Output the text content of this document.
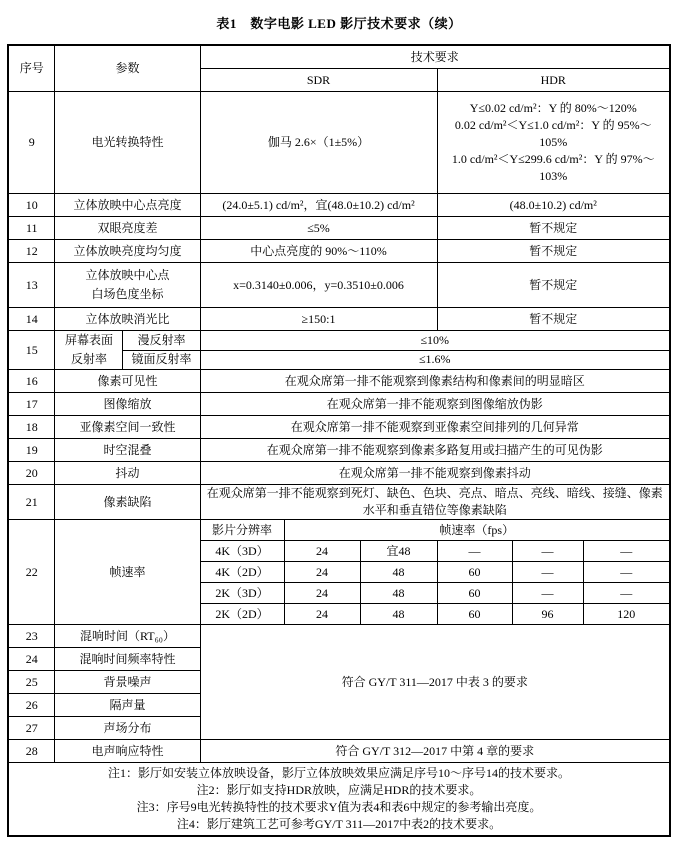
表1　数字电影 LED 影厅技术要求（续）
序号	参数		技术要求					
			SDR			HDR		
9	电光转换特性		伽马 2.6×（1±5%）			Y≤0.02 cd/m²：Y 的 80%～120%
0.02 cd/m²＜Y≤1.0 cd/m²：Y 的 95%～
105%
1.0 cd/m²＜Y≤299.6 cd/m²：Y 的 97%～
103%		

10	立体放映中心点亮度		(24.0±5.1) cd/m²，宜(48.0±10.2) cd/m²			(48.0±10.2) cd/m²		
11	双眼亮度差		≤5%			暂不规定		
12	立体放映亮度均匀度		中心点亮度的 90%～110%			暂不规定		
13	立体放映中心点
白场色度坐标		x=0.3140±0.006，y=0.3510±0.006			暂不规定		
14	立体放映消光比		≥150:1			暂不规定		
15	屏幕表面
反射率	漫反射率	≤10%					
		镜面反射率	≤1.6%					
16	像素可见性		在观众席第一排不能观察到像素结构和像素间的明显暗区					
17	图像缩放		在观众席第一排不能观察到图像缩放伪影					
18	亚像素空间一致性		在观众席第一排不能观察到亚像素空间排列的几何异常					
19	时空混叠		在观众席第一排不能观察到像素多路复用或扫描产生的可见伪影					
20	抖动		在观众席第一排不能观察到像素抖动					
21	像素缺陷		在观众席第一排不能观察到死灯、缺色、色块、亮点、暗点、亮线、暗线、接缝、像素水平和垂直错位等像素缺陷					
22	帧速率		影片分辨率	帧速率（fps）				
			4K（3D）	24	宜48	—	—	—
			4K（2D）	24	48	60	—	—
			2K（3D）	24	48	60	—	—
			2K（2D）	24	48	60	96	120
23	混响时间（RT₆₀）		符合 GY/T 311—2017 中表 3 的要求					
24	混响时间频率特性							
25	背景噪声							
26	隔声量							
27	声场分布							
28	电声响应特性		符合 GY/T 312—2017 中第 4 章的要求					

注1：影厅如安装立体放映设备，影厅立体放映效果应满足序号10～序号14的技术要求。
注2：影厅如支持HDR放映，应满足HDR的技术要求。
注3：序号9电光转换特性的技术要求Y值为表4和表6中规定的参考输出亮度。
注4：影厅建筑工艺可参考GY/T 311—2017中表2的技术要求。								
